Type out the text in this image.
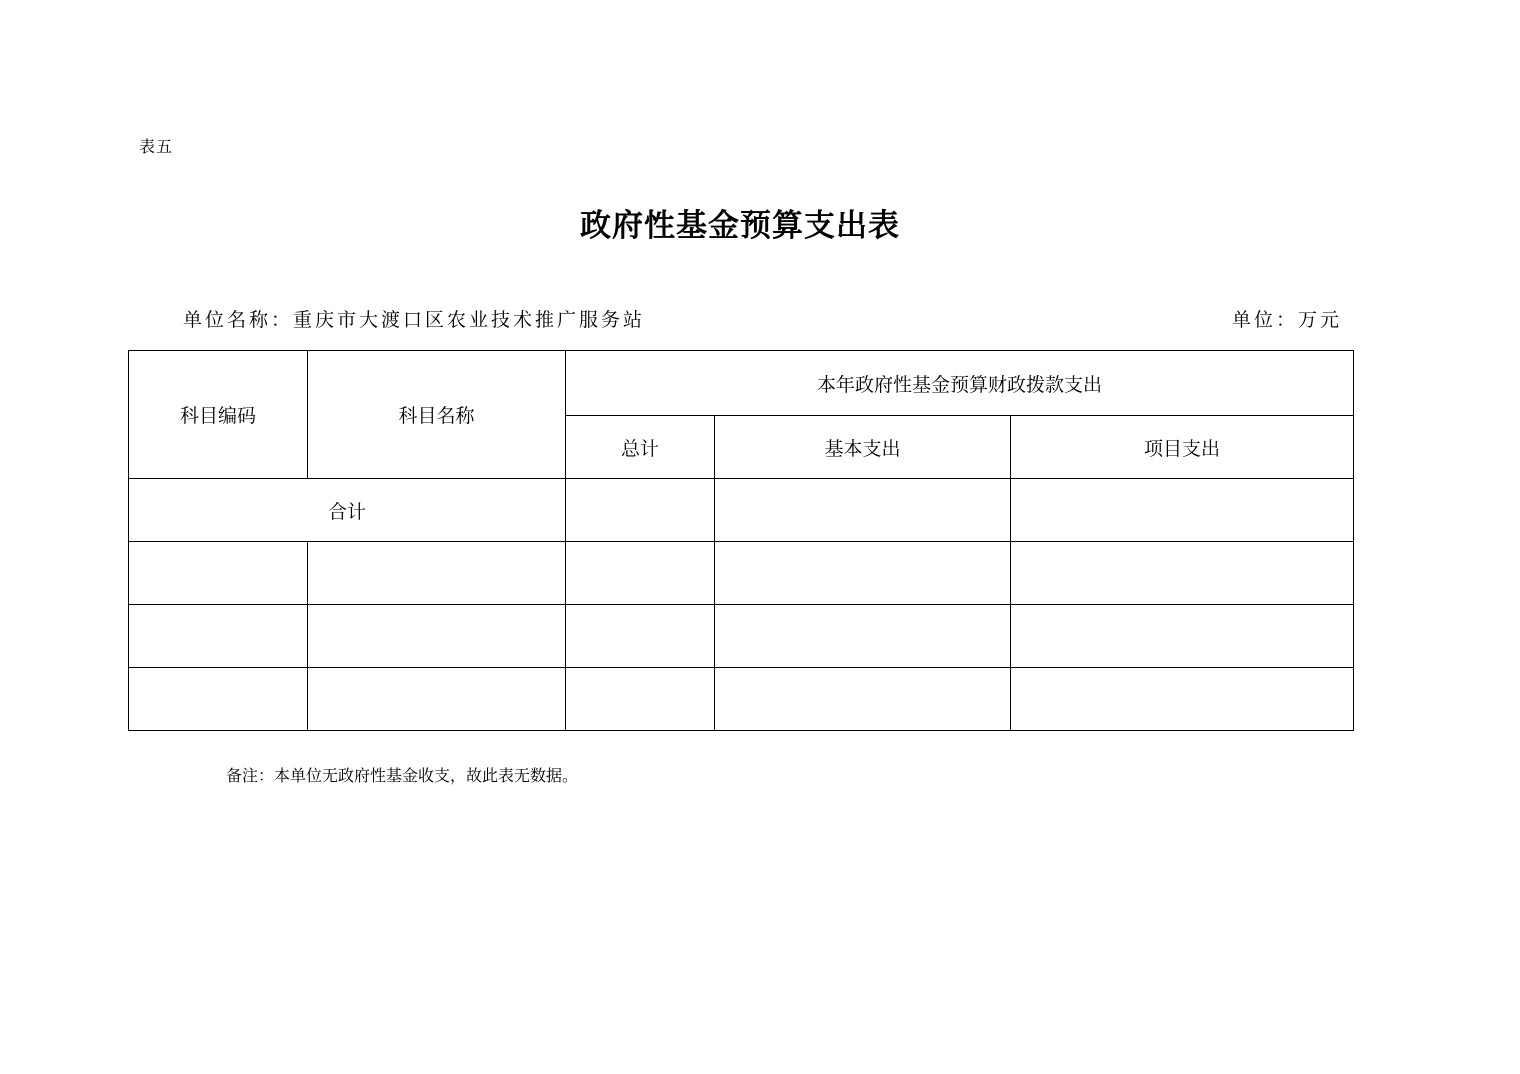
表五
政府性基金预算支出表
单位名称：重庆市大渡口区农业技术推广服务站	单位：万元
科目编码	科目名称	本年政府性基金预算财政拨款支出		
		总计	基本支出	项目支出
合计				

备注：本单位无政府性基金收支，故此表无数据。
